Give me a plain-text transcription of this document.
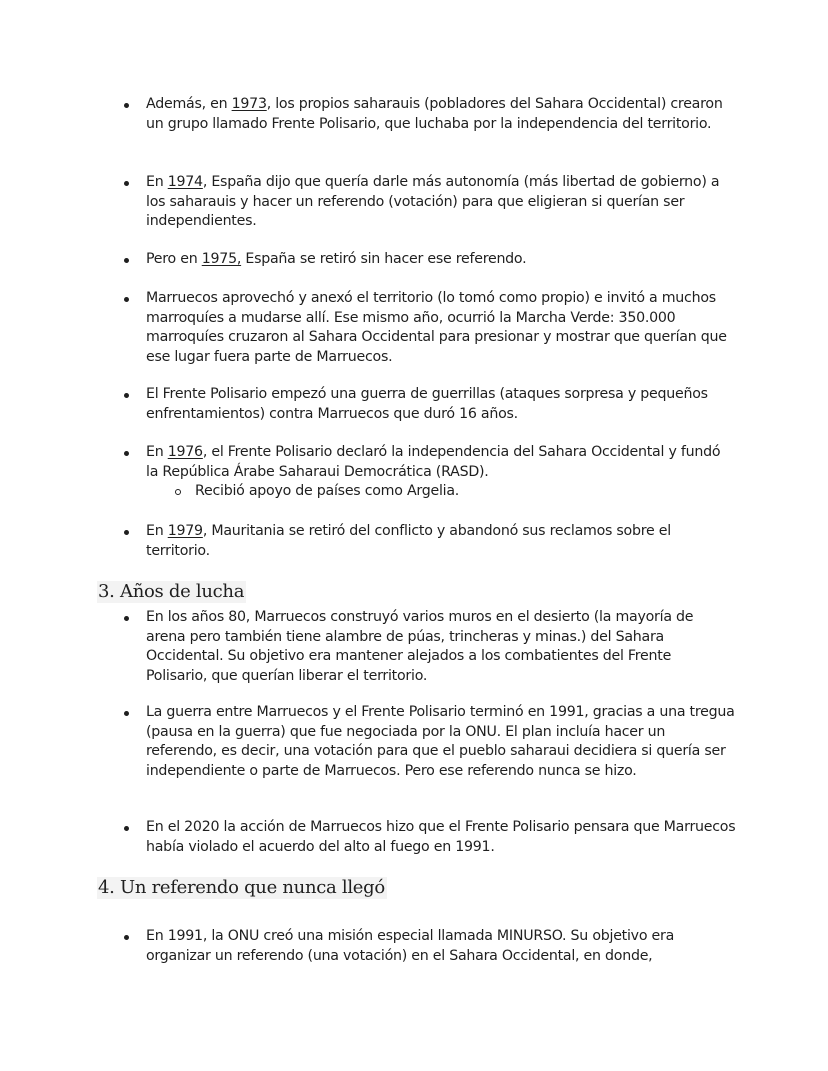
Además, en 1973, los propios saharauis (pobladores del Sahara Occidental) crearon un grupo llamado Frente Polisario, que luchaba por la independencia del territorio.
En 1974, España dijo que quería darle más autonomía (más libertad de gobierno) a los saharauis y hacer un referendo (votación) para que eligieran si querían ser independientes.
Pero en 1975, España se retiró sin hacer ese referendo.
Marruecos aprovechó y anexó el territorio (lo tomó como propio) e invitó a muchos marroquíes a mudarse allí. Ese mismo año, ocurrió la Marcha Verde: 350.000 marroquíes cruzaron al Sahara Occidental para presionar y mostrar que querían que ese lugar fuera parte de Marruecos.
El Frente Polisario empezó una guerra de guerrillas (ataques sorpresa y pequeños enfrentamientos) contra Marruecos que duró 16 años.
En 1976, el Frente Polisario declaró la independencia del Sahara Occidental y fundó la República Árabe Saharaui Democrática (RASD).
Recibió apoyo de países como Argelia.
En 1979, Mauritania se retiró del conflicto y abandonó sus reclamos sobre el territorio.
3. Años de lucha
En los años 80, Marruecos construyó varios muros en el desierto (la mayoría de arena pero también tiene alambre de púas, trincheras y minas.) del Sahara Occidental. Su objetivo era mantener alejados a los combatientes del Frente Polisario, que querían liberar el territorio.
La guerra entre Marruecos y el Frente Polisario terminó en 1991, gracias a una tregua (pausa en la guerra) que fue negociada por la ONU. El plan incluía hacer un referendo, es decir, una votación para que el pueblo saharaui decidiera si quería ser independiente o parte de Marruecos. Pero ese referendo nunca se hizo.
En el 2020 la acción de Marruecos hizo que el Frente Polisario pensara que Marruecos había violado el acuerdo del alto al fuego en 1991.
4. Un referendo que nunca llegó
En 1991, la ONU creó una misión especial llamada MINURSO. Su objetivo era organizar un referendo (una votación) en el Sahara Occidental, en donde,
